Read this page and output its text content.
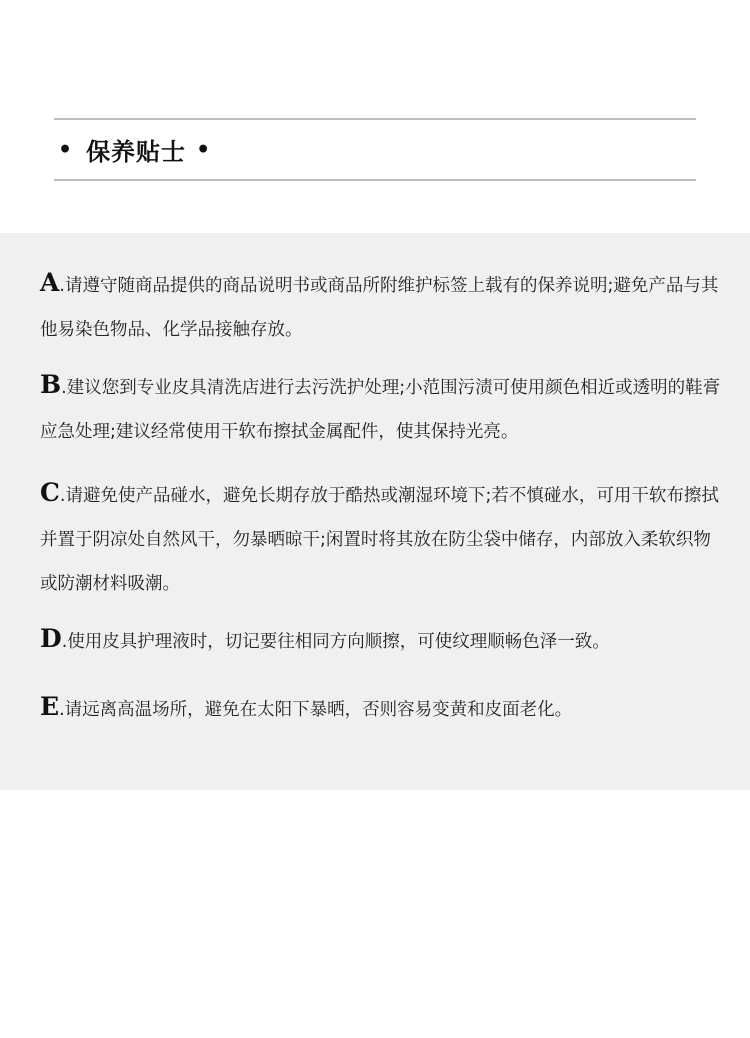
• 保养贴士 •

A.请遵守随商品提供的商品说明书或商品所附维护标签上载有的保养说明;避免产品与其他易染色物品、化学品接触存放。

B.建议您到专业皮具清洗店进行去污洗护处理;小范围污渍可使用颜色相近或透明的鞋膏应急处理;建议经常使用干软布擦拭金属配件，使其保持光亮。

C.请避免使产品碰水，避免长期存放于酷热或潮湿环境下;若不慎碰水，可用干软布擦拭并置于阴凉处自然风干，勿暴晒晾干;闲置时将其放在防尘袋中储存，内部放入柔软织物或防潮材料吸潮。

D.使用皮具护理液时，切记要往相同方向顺擦，可使纹理顺畅色泽一致。

E.请远离高温场所，避免在太阳下暴晒，否则容易变黄和皮面老化。
